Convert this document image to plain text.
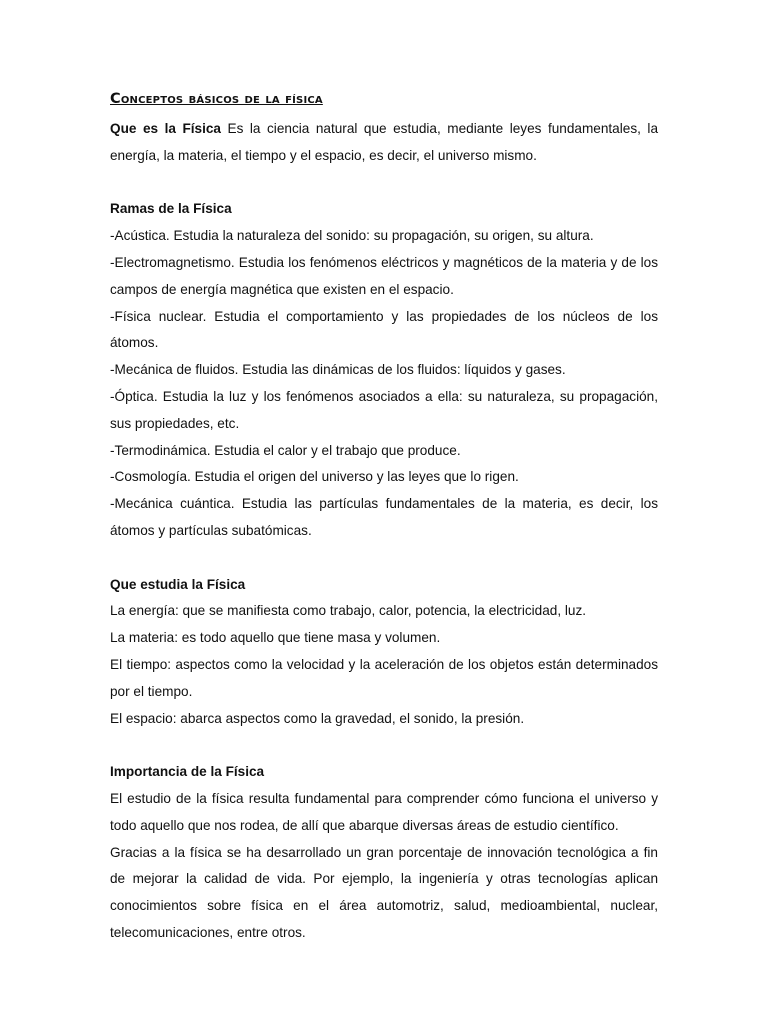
Conceptos básicos de la física

Que es la Física Es la ciencia natural que estudia, mediante leyes fundamentales, la energía, la materia, el tiempo y el espacio, es decir, el universo mismo.

Ramas de la Física

-Acústica. Estudia la naturaleza del sonido: su propagación, su origen, su altura.

-Electromagnetismo. Estudia los fenómenos eléctricos y magnéticos de la materia y de los campos de energía magnética que existen en el espacio.

-Física nuclear. Estudia el comportamiento y las propiedades de los núcleos de los átomos.

-Mecánica de fluidos. Estudia las dinámicas de los fluidos: líquidos y gases.

-Óptica. Estudia la luz y los fenómenos asociados a ella: su naturaleza, su propagación, sus propiedades, etc.

-Termodinámica. Estudia el calor y el trabajo que produce.

-Cosmología. Estudia el origen del universo y las leyes que lo rigen.

-Mecánica cuántica. Estudia las partículas fundamentales de la materia, es decir, los átomos y partículas subatómicas.

Que estudia la Física

La energía: que se manifiesta como trabajo, calor, potencia, la electricidad, luz.

La materia: es todo aquello que tiene masa y volumen.

El tiempo: aspectos como la velocidad y la aceleración de los objetos están determinados por el tiempo.

El espacio: abarca aspectos como la gravedad, el sonido, la presión.

Importancia de la Física

El estudio de la física resulta fundamental para comprender cómo funciona el universo y todo aquello que nos rodea, de allí que abarque diversas áreas de estudio científico.

Gracias a la física se ha desarrollado un gran porcentaje de innovación tecnológica a fin de mejorar la calidad de vida. Por ejemplo, la ingeniería y otras tecnologías aplican conocimientos sobre física en el área automotriz, salud, medioambiental, nuclear, telecomunicaciones, entre otros.
